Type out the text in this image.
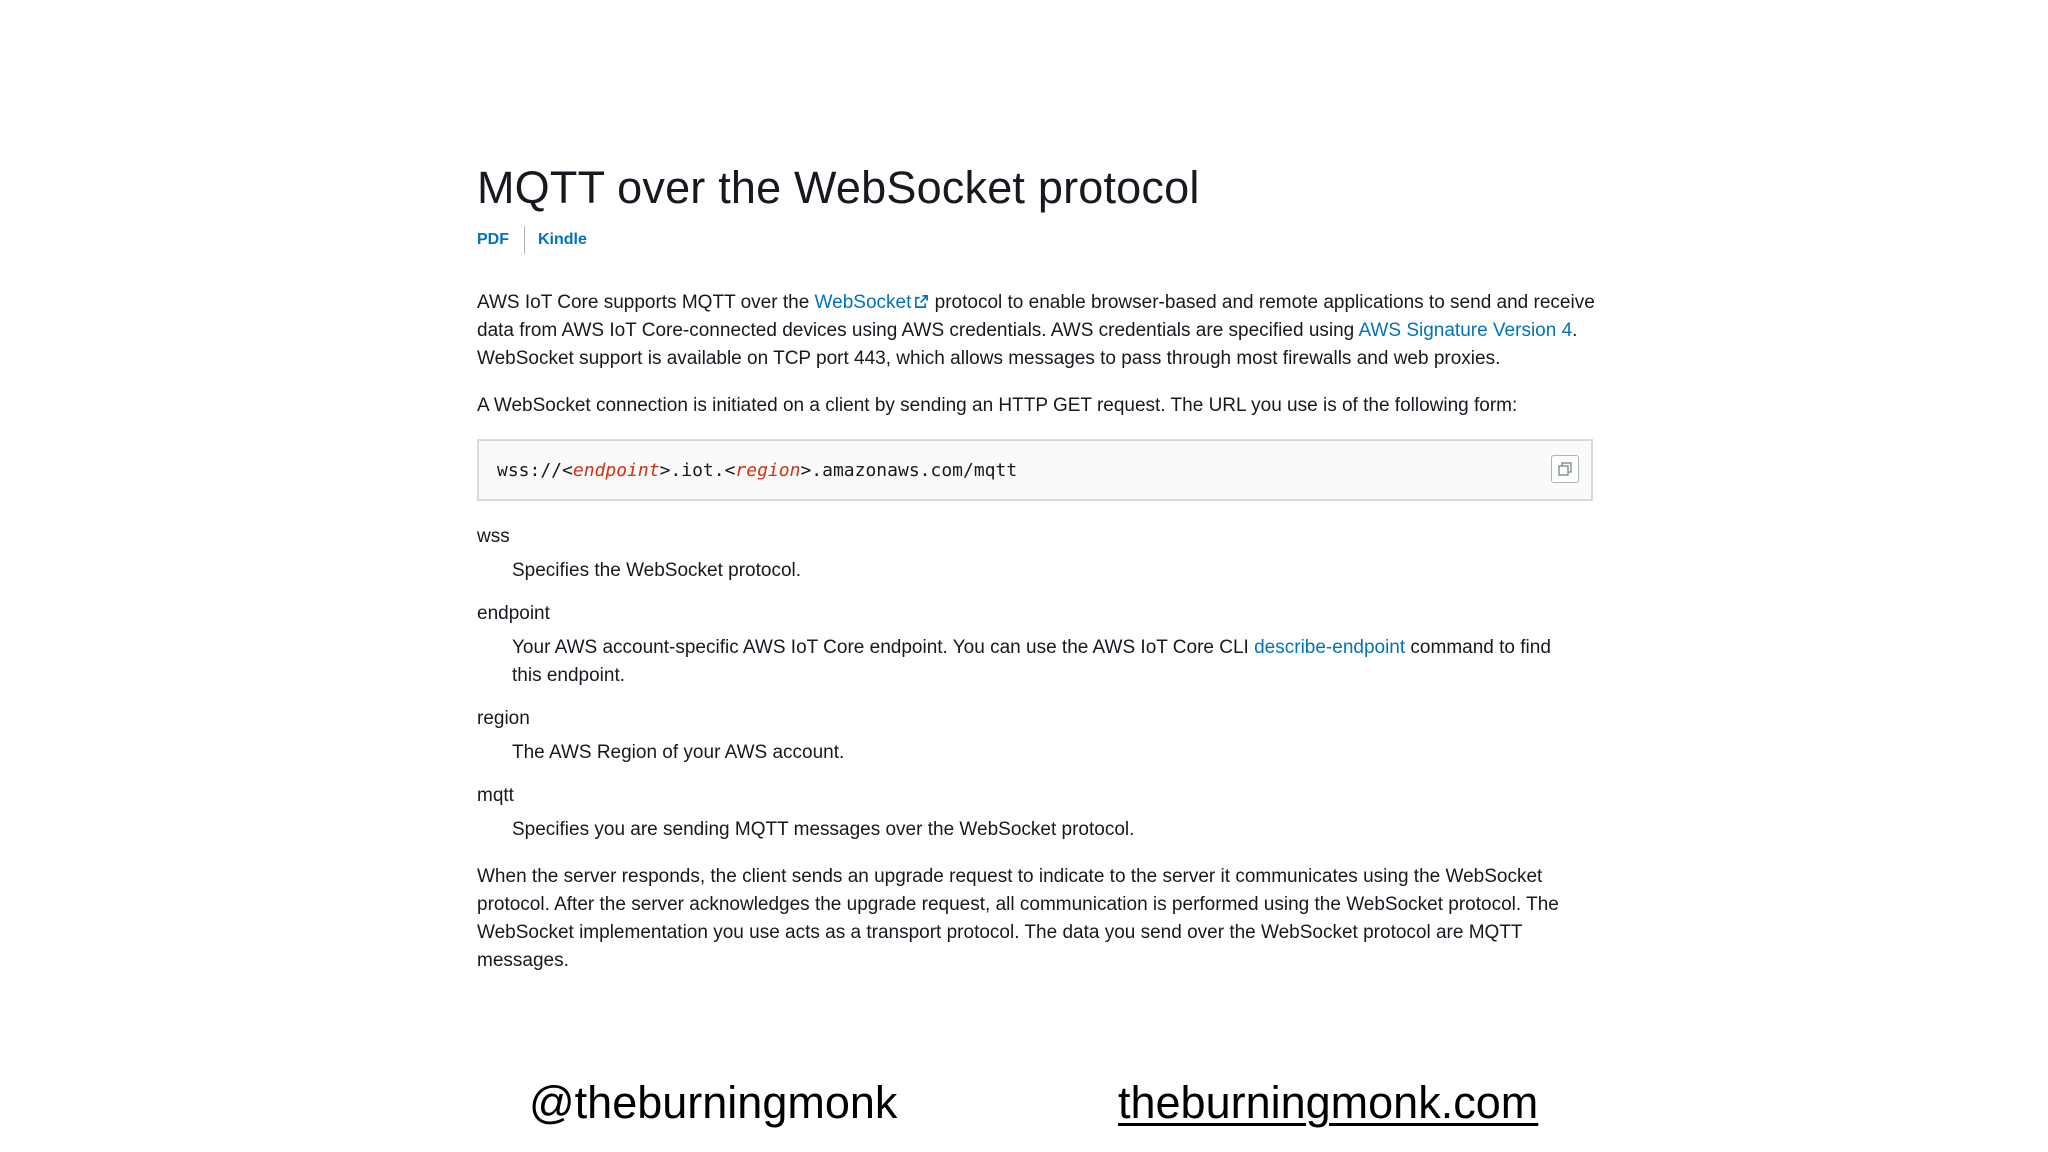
MQTT over the WebSocket protocol
PDF Kindle

AWS IoT Core supports MQTT over the WebSocket protocol to enable browser-based and remote applications to send and receive data from AWS IoT Core-connected devices using AWS credentials. AWS credentials are specified using AWS Signature Version 4. WebSocket support is available on TCP port 443, which allows messages to pass through most firewalls and web proxies.

A WebSocket connection is initiated on a client by sending an HTTP GET request. The URL you use is of the following form:

wss://<endpoint>.iot.<region>.amazonaws.com/mqtt
wss
Specifies the WebSocket protocol.
endpoint
Your AWS account-specific AWS IoT Core endpoint. You can use the AWS IoT Core CLI describe-endpoint command to find this endpoint.
region
The AWS Region of your AWS account.
mqtt
Specifies you are sending MQTT messages over the WebSocket protocol.

When the server responds, the client sends an upgrade request to indicate to the server it communicates using the WebSocket protocol. After the server acknowledges the upgrade request, all communication is performed using the WebSocket protocol. The WebSocket implementation you use acts as a transport protocol. The data you send over the WebSocket protocol are MQTT messages.

@theburningmonk	theburningmonk.com
